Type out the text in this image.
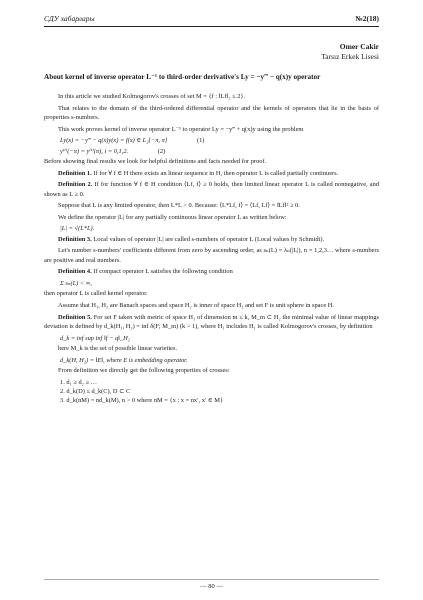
СДУ хабарлары	№2(18)
Omer Cakir
Tarsız Erkek Lisesi
About kernel of inverse operator L⁻¹ to third-order derivative's Ly = −y‴ − q(x)y operator

In this article we studied Kolmogorov's crosses of set M = {f : ‖Lf‖₂ ≤ 2}.

That relates to the domain of the third-ordered differential operator and the kernels of operators that lie in the basis of properties s-numbers.

This work proves kernel of inverse operator L⁻¹ to operator Ly = −y‴ + q(x)y using the problem

Ly(x) = −y‴ − q(x)y(x) = f(x) ∈ L₂[−π, π]	(1)
y⁽ⁱ⁾(−π) = y⁽ⁱ⁾(π), i = 0,1,2.	(2)

Before showing final results we look for helpful definitions and facts needed for proof.

Definition 1. If for ∀ f ∈ H there exists an linear sequence in H, then operator L is called partially continuers.

Definition 2. If for function ∀ f ∈ H condition ⟨Lf, f⟩ ≥ 0 holds, then limited linear operator L is called nonnegative, and shown as L ≥ 0.

Suppose that L is any limited operator, then L*L > 0. Because: ⟨L*Lf, f⟩ = ⟨Lf, Lf⟩ = ‖Lf‖² ≥ 0.

We define the operator |L| for any partially continuous linear operator L as written below:

|L| = √(L*L).

Definition 3. Local values of operator |L| are called s-numbers of operator L (Local values by Schmidt).

Let's number s-numbers' coefficients different from zero by ascending order, as sₙ(L) = λₙ(|L|), n = 1,2,3… where s-numbers are positive and real numbers.

Definition 4. If compact operator L satisfies the following condition

Σ sₙ(L) < ∞,

then operator L is called kernel operator.

Assume that H₁, H₂ are Banach spaces and space H₂ is inner of space H₁ and set F is unit sphere in space H.

Definition 5. For set F taken with metric of space H₁ of dimension m ≤ k, M_m ⊂ H₂ the minimal value of linear mappings deviation is defined by d_k(H₁, H₂) = inf δ(F; M_m) (k > 1), where H₁ includes H₁ is called Kolmogorov's crosses, by definition

d_k = inf sup inf ‖f − q‖_H₂

here M_k is the set of possible linear varieties.

d_k(H, H₂) = ‖E‖, where E is embedding operator.

From definition we directly get the following properties of crosses:

1. d₁ ≥ d₂ ≥ …
2. d_k(D) ≤ d_k(C), D ⊂ C
3. d_k(nM) = nd_k(M), n > 0 where nM = {x : x = nx′, x′ ∈ M}
— 80 —
